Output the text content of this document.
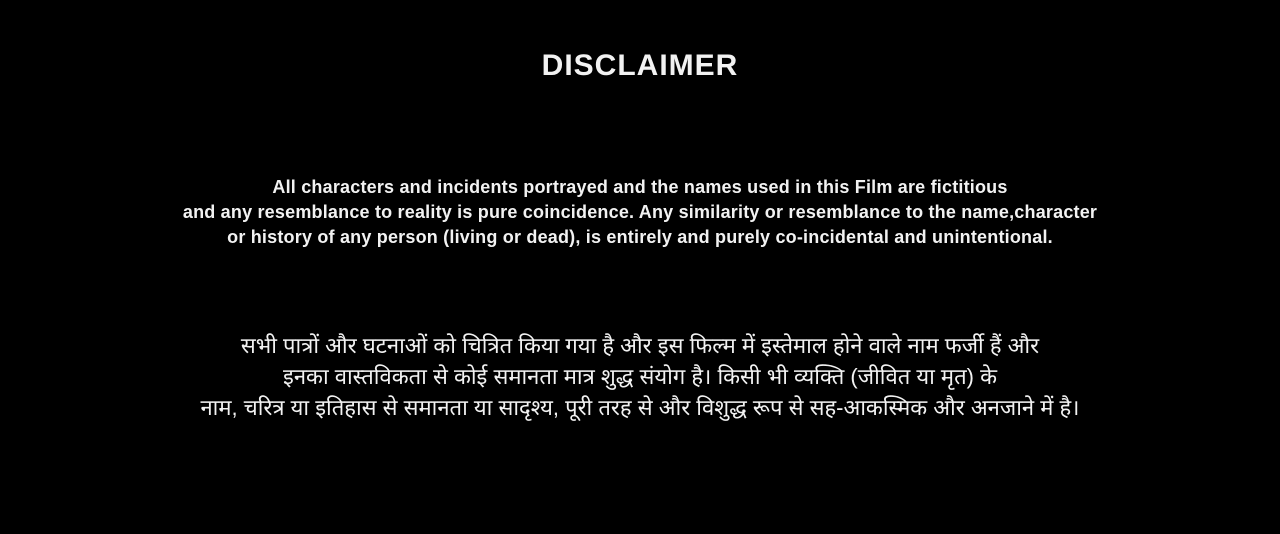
DISCLAIMER
All characters and incidents portrayed and the names used in this Film are fictitious
and any resemblance to reality is pure coincidence. Any similarity or resemblance to the name,character
or history of any person (living or dead), is entirely and purely co-incidental and unintentional.
सभी पात्रों और घटनाओं को चित्रित किया गया है और इस फिल्म में इस्तेमाल होने वाले नाम फर्जी हैं और
इनका वास्तविकता से कोई समानता मात्र शुद्ध संयोग है। किसी भी व्यक्ति (जीवित या मृत) के
नाम, चरित्र या इतिहास से समानता या सादृश्य, पूरी तरह से और विशुद्ध रूप से सह-आकस्मिक और अनजाने में है।
